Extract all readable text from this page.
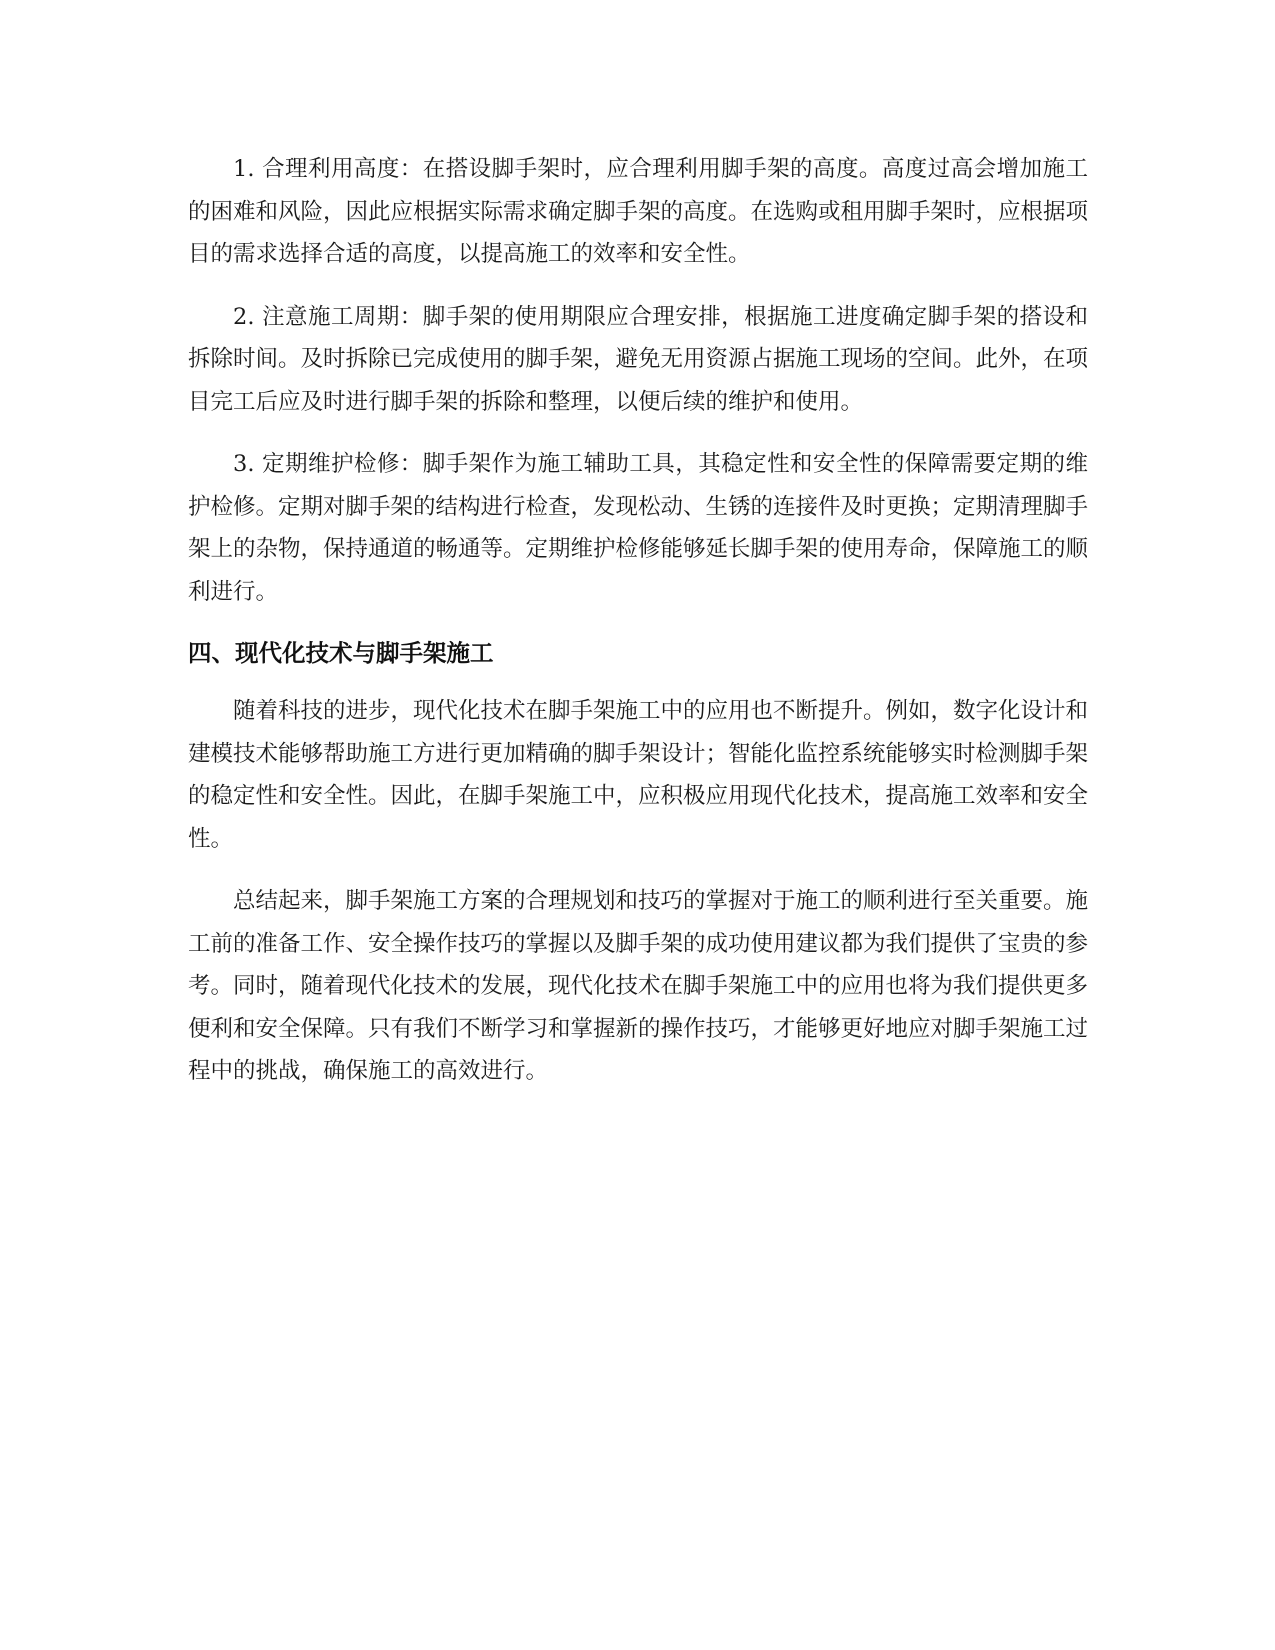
1. 合理利用高度：在搭设脚手架时，应合理利用脚手架的高度。高度过高会增加施工的困难和风险，因此应根据实际需求确定脚手架的高度。在选购或租用脚手架时，应根据项目的需求选择合适的高度，以提高施工的效率和安全性。

2. 注意施工周期：脚手架的使用期限应合理安排，根据施工进度确定脚手架的搭设和拆除时间。及时拆除已完成使用的脚手架，避免无用资源占据施工现场的空间。此外，在项目完工后应及时进行脚手架的拆除和整理，以便后续的维护和使用。

3. 定期维护检修：脚手架作为施工辅助工具，其稳定性和安全性的保障需要定期的维护检修。定期对脚手架的结构进行检查，发现松动、生锈的连接件及时更换；定期清理脚手架上的杂物，保持通道的畅通等。定期维护检修能够延长脚手架的使用寿命，保障施工的顺利进行。

四、现代化技术与脚手架施工

随着科技的进步，现代化技术在脚手架施工中的应用也不断提升。例如，数字化设计和建模技术能够帮助施工方进行更加精确的脚手架设计；智能化监控系统能够实时检测脚手架的稳定性和安全性。因此，在脚手架施工中，应积极应用现代化技术，提高施工效率和安全性。

总结起来，脚手架施工方案的合理规划和技巧的掌握对于施工的顺利进行至关重要。施工前的准备工作、安全操作技巧的掌握以及脚手架的成功使用建议都为我们提供了宝贵的参考。同时，随着现代化技术的发展，现代化技术在脚手架施工中的应用也将为我们提供更多便利和安全保障。只有我们不断学习和掌握新的操作技巧，才能够更好地应对脚手架施工过程中的挑战，确保施工的高效进行。
